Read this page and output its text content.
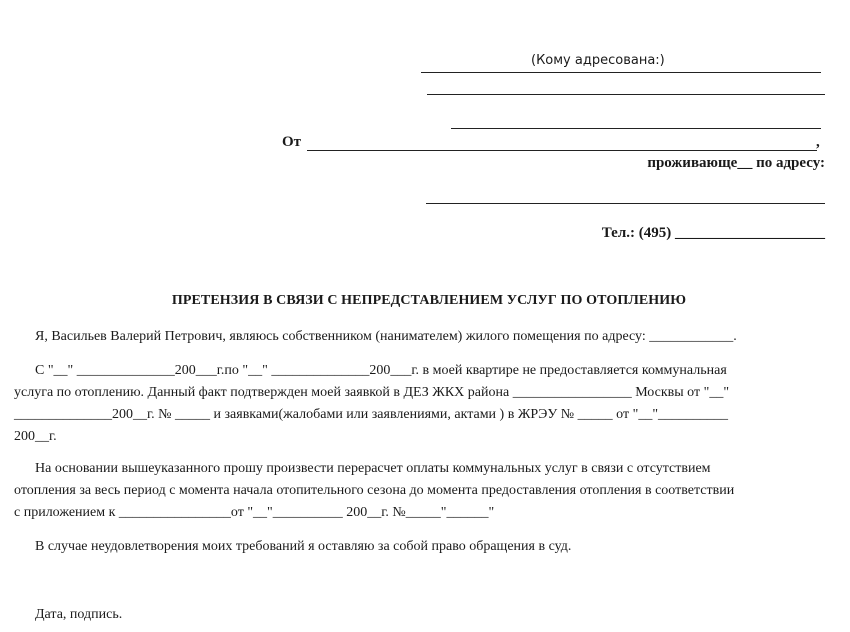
(Кому адресована:)
От	,
проживающе__ по адресу:
Тел.: (495) ____________________
ПРЕТЕНЗИЯ В СВЯЗИ С НЕПРЕДСТАВЛЕНИЕМ УСЛУГ ПО ОТОПЛЕНИЮ
Я, Васильев Валерий Петрович, являюсь собственником (нанимателем) жилого помещения по адресу: ____________.
С "__" ______________200___г.по "__" ______________200___г. в моей квартире не предоставляется коммунальная
услуга по отоплению. Данный факт подтвержден моей заявкой в ДЕЗ ЖКХ района _________________ Москвы от "__"
______________200__г. № _____ и заявками(жалобами или заявлениями, актами ) в ЖРЭУ № _____ от "__"__________
200__г.
На основании вышеуказанного прошу произвести перерасчет оплаты коммунальных услуг в связи с отсутствием
отопления за весь период с момента начала отопительного сезона до момента предоставления отопления в соответствии
с приложением к ________________от "__"__________ 200__г. №_____"______"
В случае неудовлетворения моих требований я оставляю за собой право обращения в суд.
Дата, подпись.
